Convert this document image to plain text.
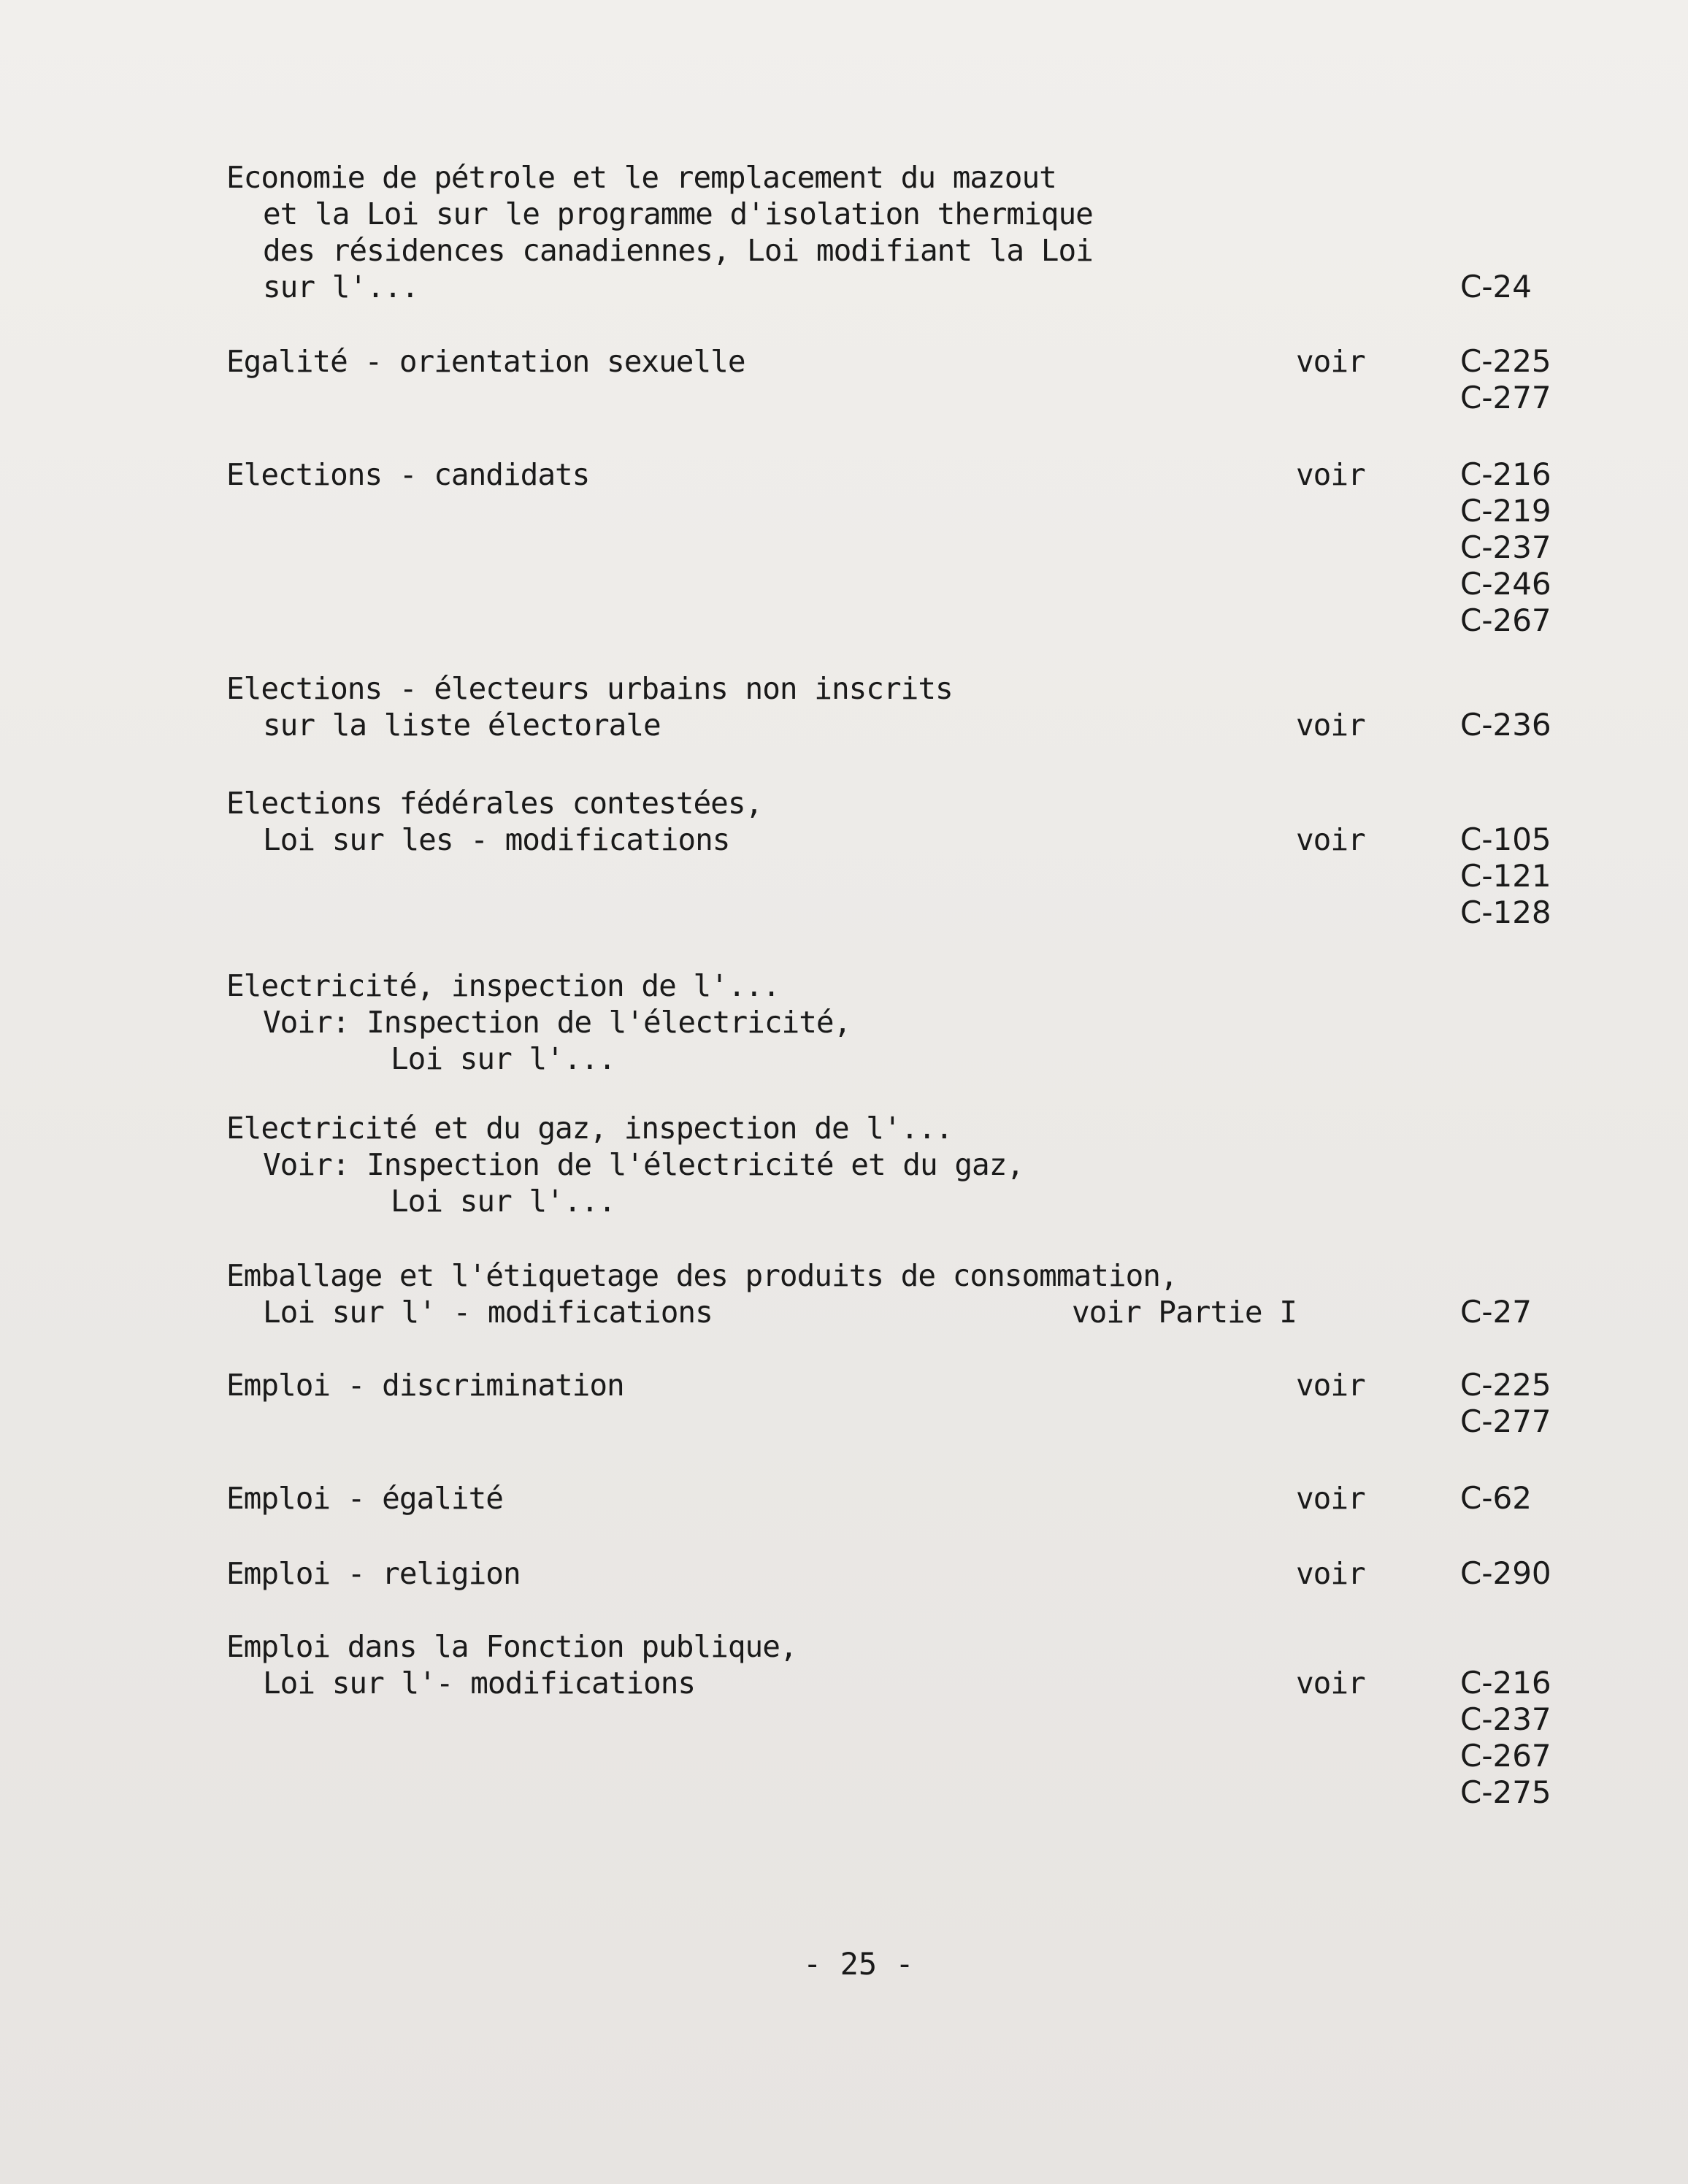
Economie de pétrole et le remplacement du mazout
et la Loi sur le programme d'isolation thermique
des résidences canadiennes, Loi modifiant la Loi
sur l'...	C-24
Egalité - orientation sexuelle	voir	C-225
C-277
Elections - candidats	voir	C-216
C-219
C-237
C-246
C-267
Elections - électeurs urbains non inscrits
sur la liste électorale	voir	C-236
Elections fédérales contestées,
Loi sur les - modifications	voir	C-105
C-121
C-128
Electricité, inspection de l'...
Voir: Inspection de l'électricité,
Loi sur l'...
Electricité et du gaz, inspection de l'...
Voir: Inspection de l'électricité et du gaz,
Loi sur l'...
Emballage et l'étiquetage des produits de consommation,
Loi sur l' - modifications	voir Partie I	C-27
Emploi - discrimination	voir	C-225
C-277
Emploi - égalité	voir	C-62
Emploi - religion	voir	C-290
Emploi dans la Fonction publique,
Loi sur l'- modifications	voir	C-216
C-237
C-267
C-275
- 25 -
